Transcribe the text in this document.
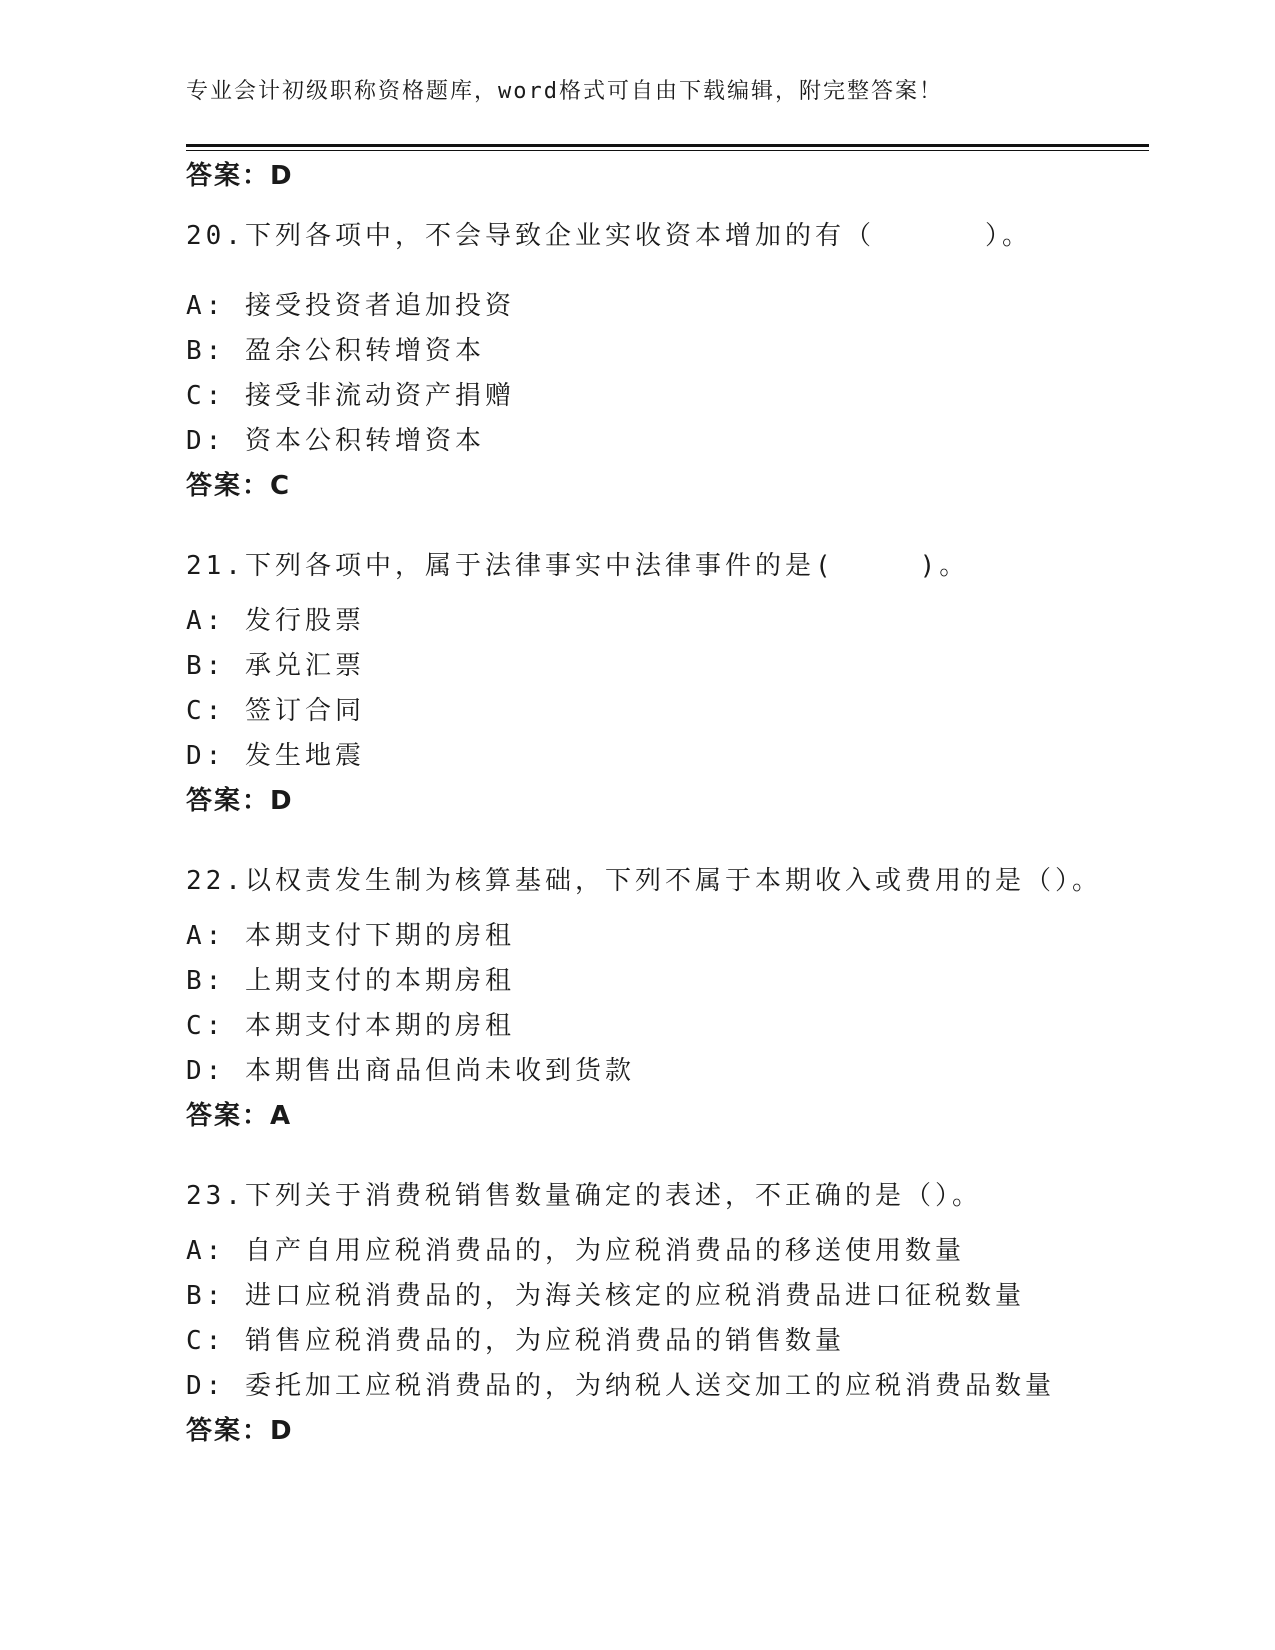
专业会计初级职称资格题库，word格式可自由下载编辑，附完整答案！
答案：D
20.下列各项中，不会导致企业实收资本增加的有（	）。
A: 接受投资者追加投资
B: 盈余公积转增资本
C: 接受非流动资产捐赠
D: 资本公积转增资本
答案：C
21.下列各项中，属于法律事实中法律事件的是(	)。
A: 发行股票
B: 承兑汇票
C: 签订合同
D: 发生地震
答案：D
22.以权责发生制为核算基础，下列不属于本期收入或费用的是（）。
A: 本期支付下期的房租
B: 上期支付的本期房租
C: 本期支付本期的房租
D: 本期售出商品但尚未收到货款
答案：A
23.下列关于消费税销售数量确定的表述，不正确的是（）。
A: 自产自用应税消费品的，为应税消费品的移送使用数量
B: 进口应税消费品的，为海关核定的应税消费品进口征税数量
C: 销售应税消费品的，为应税消费品的销售数量
D: 委托加工应税消费品的，为纳税人送交加工的应税消费品数量
答案：D
